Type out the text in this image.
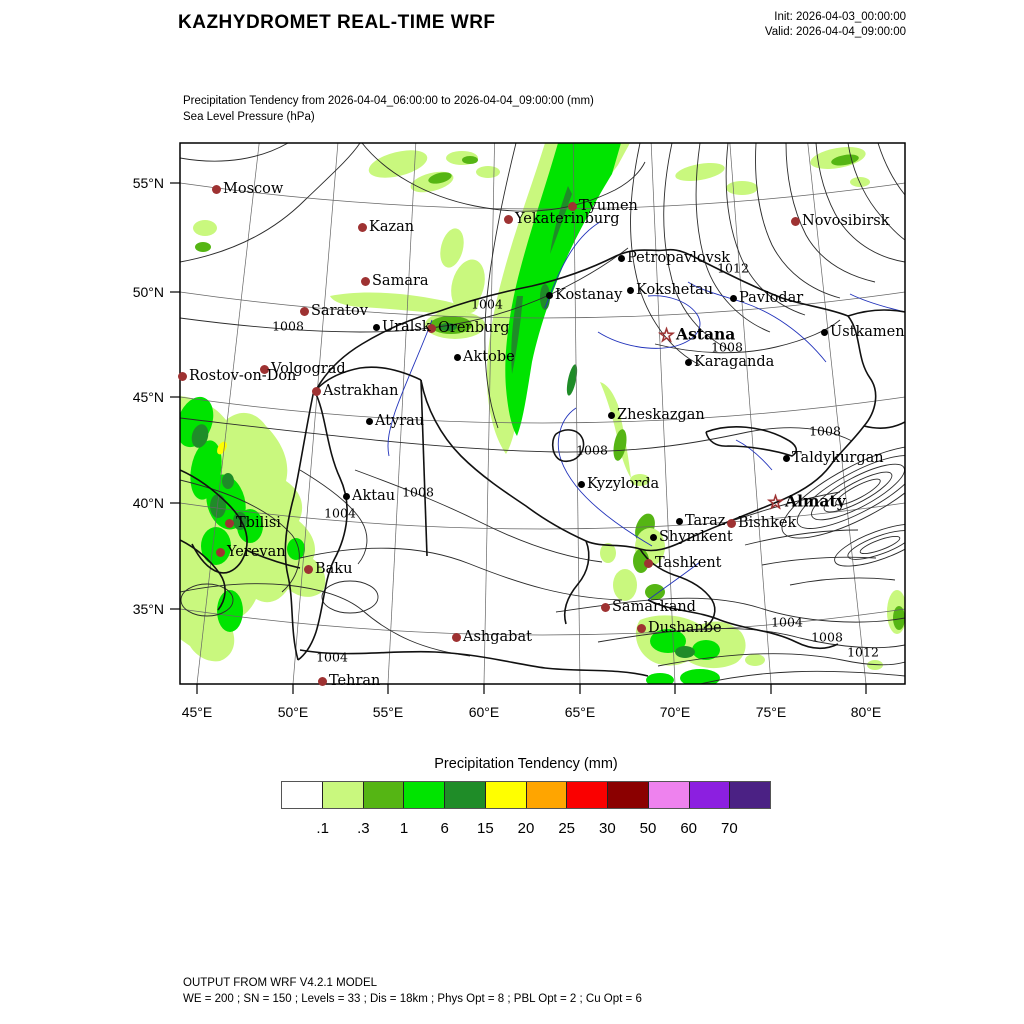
KAZHYDROMET REAL-TIME WRF	Init: 2026-04-03_00:00:00
Valid: 2026-04-04_09:00:00
Precipitation Tendency from 2026-04-04_06:00:00 to 2026-04-04_09:00:00 (mm)
Sea Level Pressure (hPa)
55°N
50°N
45°N
40°N
35°N
45°E	50°E	55°E	60°E	65°E	70°E	75°E	80°E
Moscow
Kazan
Samara
Saratov
Orenburg
Volgograd
Rostov-on-Don
Astrakhan
Yekaterinburg
Tyumen
Novosibirsk
Tbilisi
Yerevan
Baku
Ashgabat
Tehran
Bishkek
Tashkent
Samarkand
Dushanbe
Uralsk
Aktobe
Atyrau
Aktau
Kostanay
Petropavlovsk
Kokshetau	Pavlodar
Ustkamen
Karaganda
Zheskazgan
Kyzylorda
Taldykurgan
Taraz
Shymkent
☆Astana
☆Almaty
1008
1004
1012
1008
1008
1008
1008
1004
1004
1004
1008
1012
Precipitation Tendency (mm)
.1 .3 1 6 15 20 25 30 50 60 70
OUTPUT FROM WRF V4.2.1 MODEL
WE = 200 ; SN = 150 ; Levels = 33 ; Dis = 18km ; Phys Opt = 8 ; PBL Opt = 2 ; Cu Opt = 6
